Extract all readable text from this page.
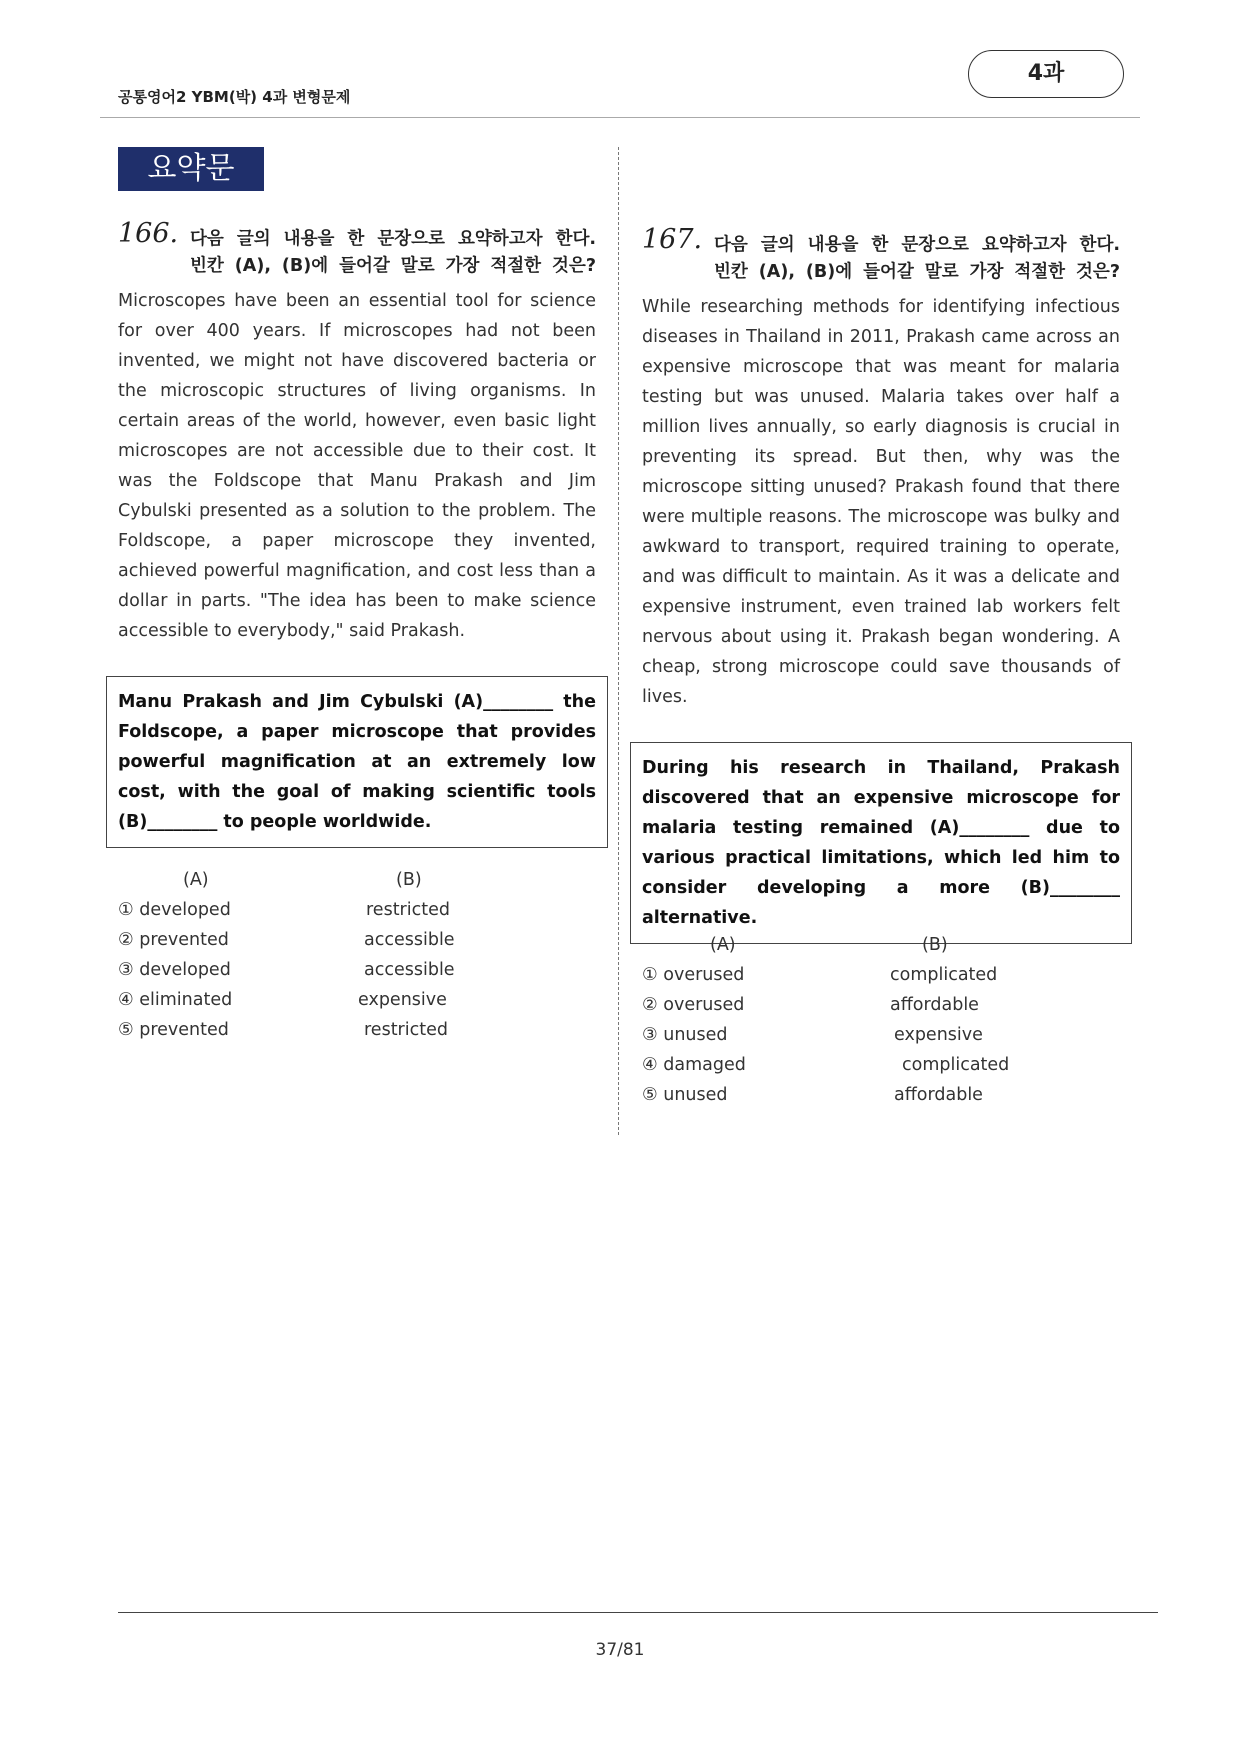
공통영어2 YBM(박) 4과 변형문제
4과
요약문
166. 다음 글의 내용을 한 문장으로 요약하고자 한다.
빈칸 (A), (B)에 들어갈 말로 가장 적절한 것은?
Microscopes have been an essential tool for science for over 400 years. If microscopes had not been invented, we might not have discovered bacteria or the microscopic structures of living organisms. In certain areas of the world, however, even basic light microscopes are not accessible due to their cost. It was the Foldscope that Manu Prakash and Jim Cybulski presented as a solution to the problem. The Foldscope, a paper microscope they invented, achieved powerful magnification, and cost less than a dollar in parts. "The idea has been to make science accessible to everybody," said Prakash.
Manu Prakash and Jim Cybulski (A)________ the Foldscope, a paper microscope that provides powerful magnification at an extremely low cost, with the goal of making scientific tools (B)________ to people worldwide.
(A)	(B)
① developed	restricted
② prevented	accessible
③ developed	accessible
④ eliminated	expensive
⑤ prevented	restricted
167. 다음 글의 내용을 한 문장으로 요약하고자 한다.
빈칸 (A), (B)에 들어갈 말로 가장 적절한 것은?
While researching methods for identifying infectious diseases in Thailand in 2011, Prakash came across an expensive microscope that was meant for malaria testing but was unused. Malaria takes over half a million lives annually, so early diagnosis is crucial in preventing its spread. But then, why was the microscope sitting unused? Prakash found that there were multiple reasons. The microscope was bulky and awkward to transport, required training to operate, and was difficult to maintain. As it was a delicate and expensive instrument, even trained lab workers felt nervous about using it. Prakash began wondering. A cheap, strong microscope could save thousands of lives.
During his research in Thailand, Prakash discovered that an expensive microscope for malaria testing remained (A)________ due to various practical limitations, which led him to consider developing a more (B)________ alternative.
(A)	(B)
① overused	complicated
② overused	affordable
③ unused	expensive
④ damaged	complicated
⑤ unused	affordable
37/81
